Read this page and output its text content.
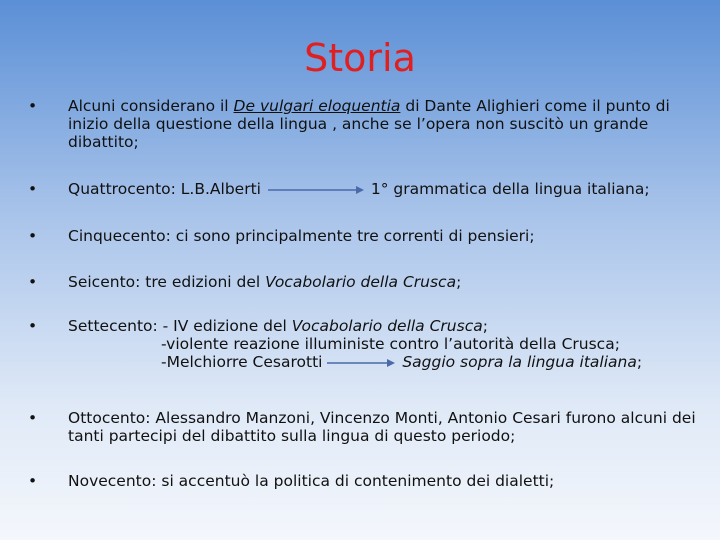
Storia
• Alcuni considerano il De vulgari eloquentia di Dante Alighieri come il punto di inizio della questione della lingua , anche se l’opera non suscitò un grande dibattito;
• Quattrocento: L.B.Alberti	1° grammatica della lingua italiana;
• Cinquecento: ci sono principalmente tre correnti di pensieri;
• Seicento: tre edizioni del Vocabolario della Crusca;
• Settecento: - IV edizione del Vocabolario della Crusca;
-violente reazione illuministe contro l’autorità della Crusca;
-Melchiorre Cesarotti	Saggio sopra la lingua italiana;
• Ottocento: Alessandro Manzoni, Vincenzo Monti, Antonio Cesari furono alcuni dei tanti partecipi del dibattito sulla lingua di questo periodo;
• Novecento: si accentuò la politica di contenimento dei dialetti;
